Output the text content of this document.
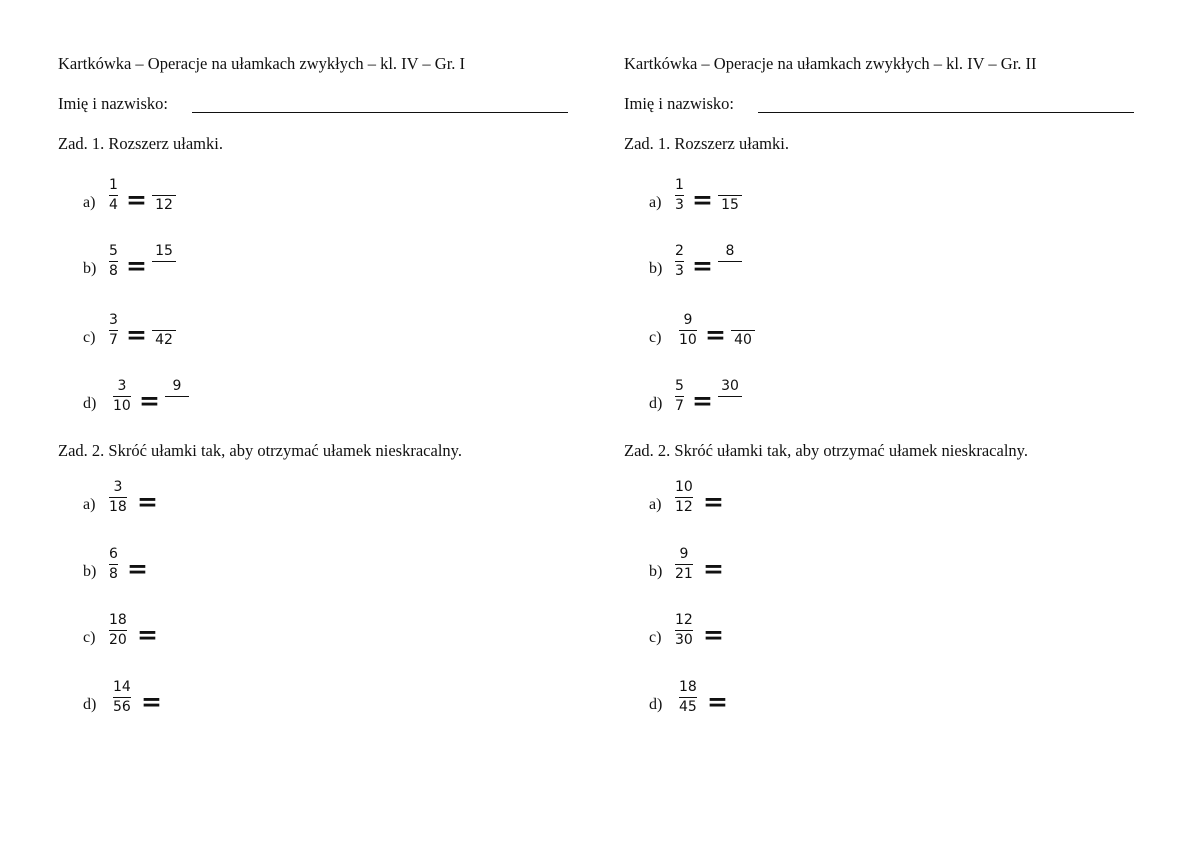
Kartkówka – Operacje na ułamkach zwykłych – kl. IV – Gr. I
Imię i nazwisko:
Zad. 1. Rozszerz ułamki.
Zad. 2. Skróć ułamki tak, aby otrzymać ułamek nieskracalny.
a)
1
4 = 12
b)
5
8 = 15
c)
3
7 = 42
d)
3
10 = 9
a)
3
18 =
b)
6
8 =
c)
18
20 =
d)
14
56 =
Kartkówka – Operacje na ułamkach zwykłych – kl. IV – Gr. II
Imię i nazwisko:
Zad. 1. Rozszerz ułamki.
Zad. 2. Skróć ułamki tak, aby otrzymać ułamek nieskracalny.
a)
1
3 = 15
b)
2
3 = 8
c)
9
10 = 40
d)
5
7 = 30
a)
10
12 =
b)
9
21 =
c)
12
30 =
d)
18
45 =
